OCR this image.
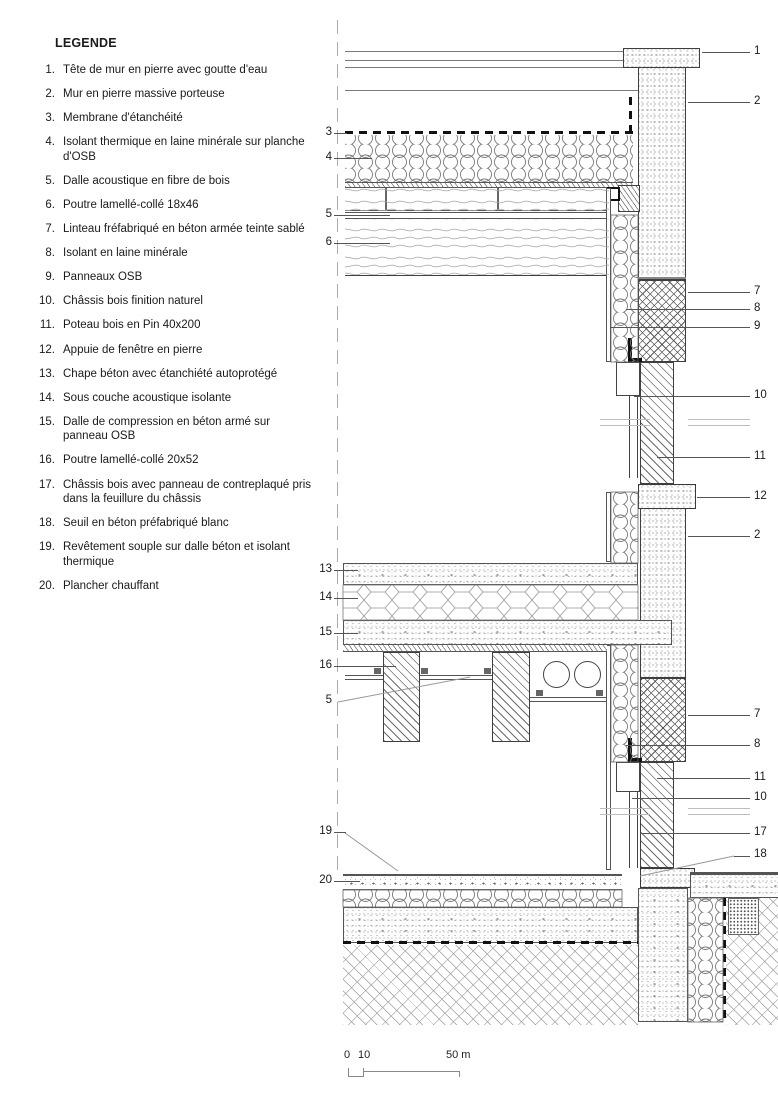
LEGENDE
1. Tête de mur en pierre avec goutte d'eau
2. Mur en pierre massive porteuse
3. Membrane d'étanchéité
4. Isolant thermique en laine minérale sur planche d'OSB
5. Dalle acoustique en fibre de bois
6. Poutre lamellé-collé 18x46
7. Linteau fréfabriqué en béton armée teinte sablé
8. Isolant en laine minérale
9. Panneaux OSB
10. Châssis bois finition naturel
11. Poteau bois en Pin 40x200
12. Appuie de fenêtre en pierre
13. Chape béton avec étanchiété autoprotégé
14. Sous couche acoustique isolante
15. Dalle de compression en béton armé sur panneau OSB
16. Poutre lamellé-collé 20x52
17. Châssis bois avec panneau de contreplaqué pris dans la feuillure du châssis
18. Seuil en béton préfabriqué blanc
19. Revêtement souple sur dalle béton et isolant thermique
20. Plancher chauffant
3
4
5
6
13
14
15
16
5
19
20
1
2
7
8
9
10
11
12
2
7
8
11
10
17
18
0 10	50 m
